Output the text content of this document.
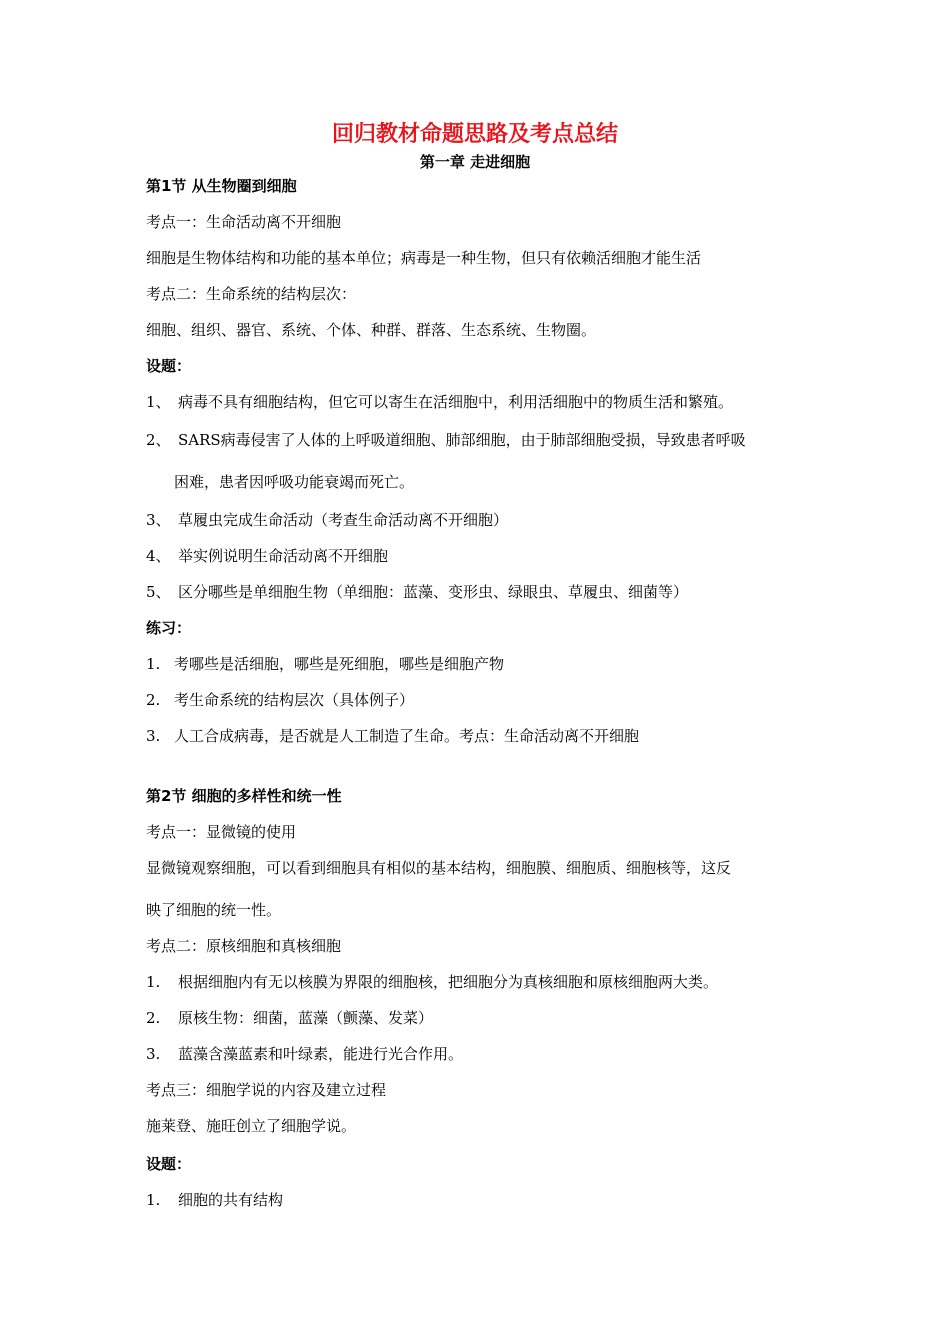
回归教材命题思路及考点总结
第一章 走进细胞
第1节 从生物圈到细胞
考点一：生命活动离不开细胞
细胞是生物体结构和功能的基本单位；病毒是一种生物，但只有依赖活细胞才能生活
考点二：生命系统的结构层次：
细胞、组织、器官、系统、个体、种群、群落、生态系统、生物圈。
设题：
1、 病毒不具有细胞结构，但它可以寄生在活细胞中，利用活细胞中的物质生活和繁殖。
2、 SARS病毒侵害了人体的上呼吸道细胞、肺部细胞，由于肺部细胞受损，导致患者呼吸
困难，患者因呼吸功能衰竭而死亡。
3、 草履虫完成生命活动（考查生命活动离不开细胞）
4、 举实例说明生命活动离不开细胞
5、 区分哪些是单细胞生物（单细胞：蓝藻、变形虫、绿眼虫、草履虫、细菌等）
练习：
1. 考哪些是活细胞，哪些是死细胞，哪些是细胞产物
2. 考生命系统的结构层次（具体例子）
3. 人工合成病毒，是否就是人工制造了生命。考点：生命活动离不开细胞
第2节 细胞的多样性和统一性
考点一：显微镜的使用
显微镜观察细胞，可以看到细胞具有相似的基本结构，细胞膜、细胞质、细胞核等，这反
映了细胞的统一性。
考点二：原核细胞和真核细胞
1. 根据细胞内有无以核膜为界限的细胞核，把细胞分为真核细胞和原核细胞两大类。
2. 原核生物：细菌，蓝藻（颤藻、发菜）
3. 蓝藻含藻蓝素和叶绿素，能进行光合作用。
考点三：细胞学说的内容及建立过程
施莱登、施旺创立了细胞学说。
设题：
1. 细胞的共有结构
